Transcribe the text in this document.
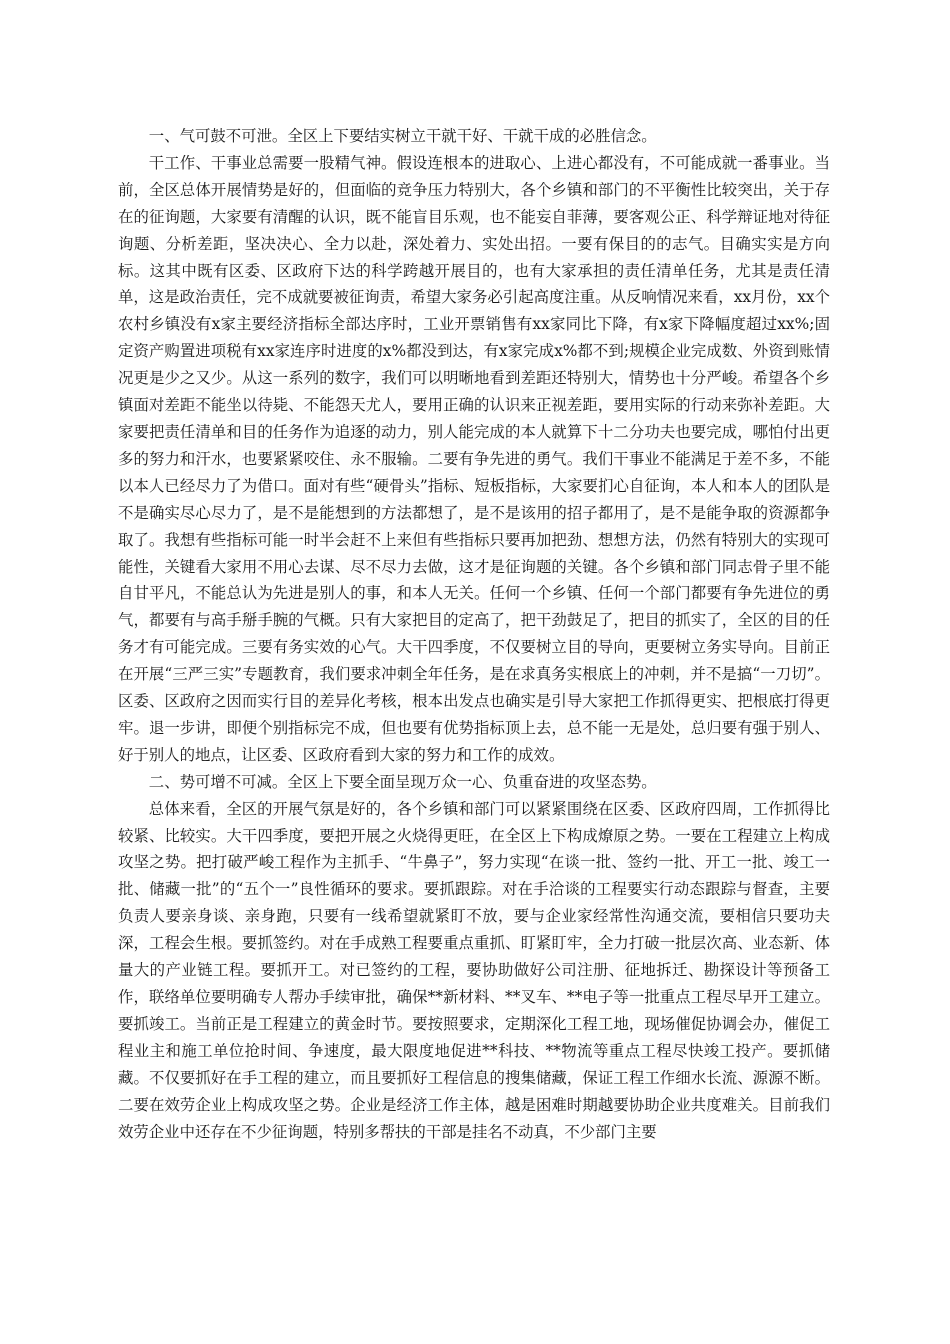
一、气可鼓不可泄。全区上下要结实树立干就干好、干就干成的必胜信念。

干工作、干事业总需要一股精气神。假设连根本的进取心、上进心都没有，不可能成就一番事业。当前，全区总体开展情势是好的，但面临的竞争压力特别大，各个乡镇和部门的不平衡性比较突出，关于存在的征询题，大家要有清醒的认识，既不能盲目乐观，也不能妄自菲薄，要客观公正、科学辩证地对待征询题、分析差距，坚决决心、全力以赴，深处着力、实处出招。一要有保目的的志气。目确实实是方向标。这其中既有区委、区政府下达的科学跨越开展目的，也有大家承担的责任清单任务，尤其是责任清单，这是政治责任，完不成就要被征询责，希望大家务必引起高度注重。从反响情况来看，xx月份，xx个农村乡镇没有x家主要经济指标全部达序时，工业开票销售有xx家同比下降，有x家下降幅度超过xx%;固定资产购置进项税有xx家连序时进度的x%都没到达，有x家完成x%都不到;规模企业完成数、外资到账情况更是少之又少。从这一系列的数字，我们可以明晰地看到差距还特别大，情势也十分严峻。希望各个乡镇面对差距不能坐以待毙、不能怨天尤人，要用正确的认识来正视差距，要用实际的行动来弥补差距。大家要把责任清单和目的任务作为追逐的动力，别人能完成的本人就算下十二分功夫也要完成，哪怕付出更多的努力和汗水，也要紧紧咬住、永不服输。二要有争先进的勇气。我们干事业不能满足于差不多，不能以本人已经尽力了为借口。面对有些“硬骨头”指标、短板指标，大家要扪心自征询，本人和本人的团队是不是确实尽心尽力了，是不是能想到的方法都想了，是不是该用的招子都用了，是不是能争取的资源都争取了。我想有些指标可能一时半会赶不上来但有些指标只要再加把劲、想想方法，仍然有特别大的实现可能性，关键看大家用不用心去谋、尽不尽力去做，这才是征询题的关键。各个乡镇和部门同志骨子里不能自甘平凡，不能总认为先进是别人的事，和本人无关。任何一个乡镇、任何一个部门都要有争先进位的勇气，都要有与高手掰手腕的气概。只有大家把目的定高了，把干劲鼓足了，把目的抓实了，全区的目的任务才有可能完成。三要有务实效的心气。大干四季度，不仅要树立目的导向，更要树立务实导向。目前正在开展“三严三实”专题教育，我们要求冲刺全年任务，是在求真务实根底上的冲刺，并不是搞“一刀切”。区委、区政府之因而实行目的差异化考核，根本出发点也确实是引导大家把工作抓得更实、把根底打得更牢。退一步讲，即便个别指标完不成，但也要有优势指标顶上去，总不能一无是处，总归要有强于别人、好于别人的地点，让区委、区政府看到大家的努力和工作的成效。

二、势可增不可减。全区上下要全面呈现万众一心、负重奋进的攻坚态势。

总体来看，全区的开展气氛是好的，各个乡镇和部门可以紧紧围绕在区委、区政府四周，工作抓得比较紧、比较实。大干四季度，要把开展之火烧得更旺，在全区上下构成燎原之势。一要在工程建立上构成攻坚之势。把打破严峻工程作为主抓手、“牛鼻子”，努力实现“在谈一批、签约一批、开工一批、竣工一批、储藏一批”的“五个一”良性循环的要求。要抓跟踪。对在手洽谈的工程要实行动态跟踪与督查，主要负责人要亲身谈、亲身跑，只要有一线希望就紧盯不放，要与企业家经常性沟通交流，要相信只要功夫深，工程会生根。要抓签约。对在手成熟工程要重点重抓、盯紧盯牢，全力打破一批层次高、业态新、体量大的产业链工程。要抓开工。对已签约的工程，要协助做好公司注册、征地拆迁、勘探设计等预备工作，联络单位要明确专人帮办手续审批，确保**新材料、**叉车、**电子等一批重点工程尽早开工建立。要抓竣工。当前正是工程建立的黄金时节。要按照要求，定期深化工程工地，现场催促协调会办，催促工程业主和施工单位抢时间、争速度，最大限度地促进**科技、**物流等重点工程尽快竣工投产。要抓储藏。不仅要抓好在手工程的建立，而且要抓好工程信息的搜集储藏，保证工程工作细水长流、源源不断。二要在效劳企业上构成攻坚之势。企业是经济工作主体，越是困难时期越要协助企业共度难关。目前我们效劳企业中还存在不少征询题，特别多帮扶的干部是挂名不动真，不少部门主要
